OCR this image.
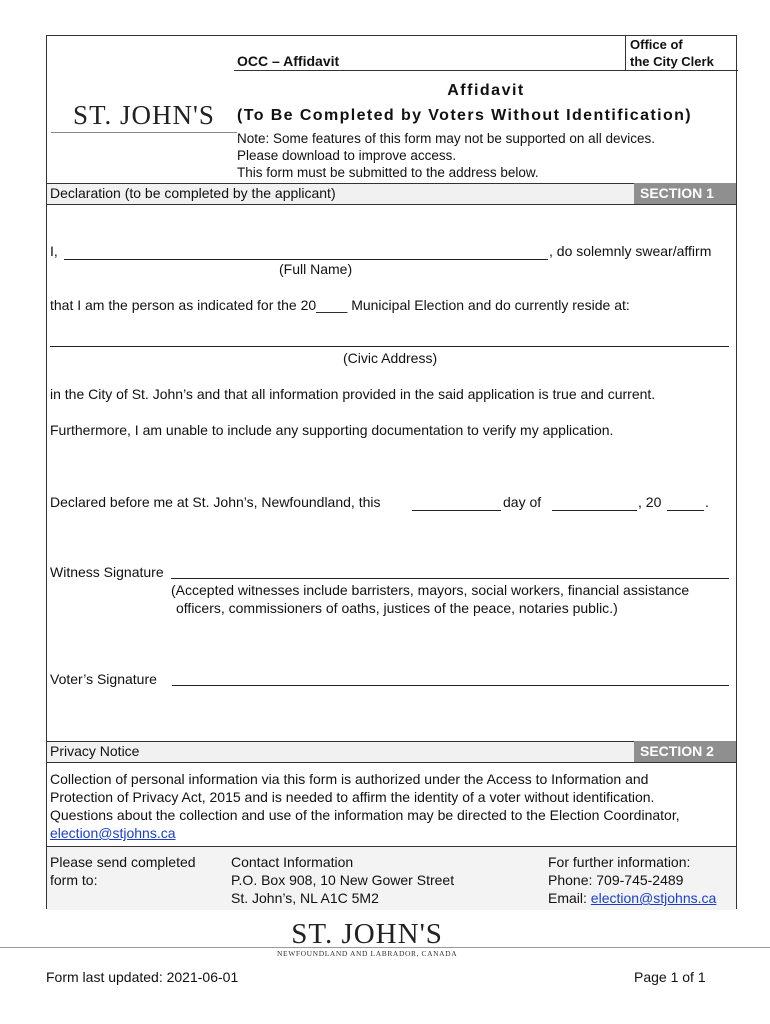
ST. JOHN'S
OCC – Affidavit
Office of
the City Clerk
Affidavit
(To Be Completed by Voters Without Identification)
Note: Some features of this form may not be supported on all devices.
Please download to improve access.
This form must be submitted to the address below.
Declaration (to be completed by the applicant)	SECTION 1
I,	, do solemnly swear/affirm
(Full Name)
that I am the person as indicated for the 20____ Municipal Election and do currently reside at:
(Civic Address)
in the City of St. John’s and that all information provided in the said application is true and current.
Furthermore, I am unable to include any supporting documentation to verify my application.
Declared before me at St. John’s, Newfoundland, this	day of	, 20	.
Witness Signature
(Accepted witnesses include barristers, mayors, social workers, financial assistance
officers, commissioners of oaths, justices of the peace, notaries public.)
Voter’s Signature
Privacy Notice	SECTION 2
Collection of personal information via this form is authorized under the Access to Information and
Protection of Privacy Act, 2015 and is needed to affirm the identity of a voter without identification.
Questions about the collection and use of the information may be directed to the Election Coordinator,
election@stjohns.ca
Please send completed
form to:
Contact Information
P.O. Box 908, 10 New Gower Street
St. John’s, NL A1C 5M2
For further information:
Phone: 709-745-2489
Email: election@stjohns.ca
ST. JOHN'S
NEWFOUNDLAND AND LABRADOR, CANADA
Form last updated: 2021-06-01	Page 1 of 1
